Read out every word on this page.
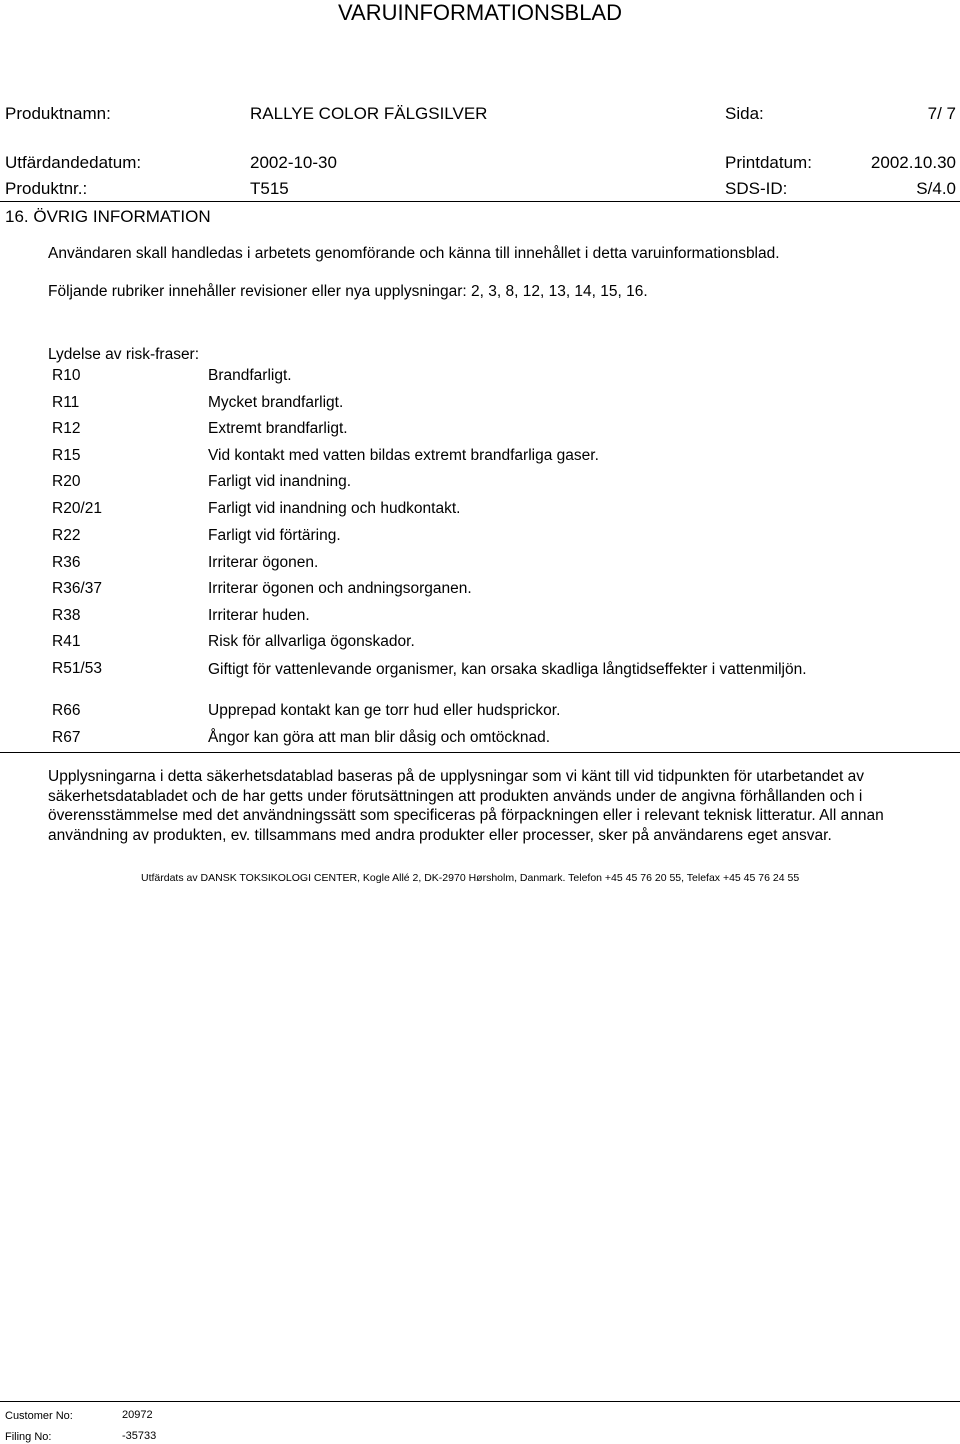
VARUINFORMATIONSBLAD
Produktnamn:	RALLYE COLOR FÄLGSILVER	Sida:	7/ 7
Utfärdandedatum:	2002-10-30	Printdatum:	2002.10.30
Produktnr.:	T515	SDS-ID:	S/4.0
16. ÖVRIG INFORMATION
Användaren skall handledas i arbetets genomförande och känna till innehållet i detta varuinformationsblad.
Följande rubriker innehåller revisioner eller nya upplysningar: 2, 3, 8, 12, 13, 14, 15, 16.
Lydelse av risk-fraser:
R10	Brandfarligt.
R11	Mycket brandfarligt.
R12	Extremt brandfarligt.
R15	Vid kontakt med vatten bildas extremt brandfarliga gaser.
R20	Farligt vid inandning.
R20/21	Farligt vid inandning och hudkontakt.
R22	Farligt vid förtäring.
R36	Irriterar ögonen.
R36/37	Irriterar ögonen och andningsorganen.
R38	Irriterar huden.
R41	Risk för allvarliga ögonskador.
R51/53	Giftigt för vattenlevande organismer, kan orsaka skadliga långtidseffekter i vattenmiljön.
R66	Upprepad kontakt kan ge torr hud eller hudsprickor.
R67	Ångor kan göra att man blir dåsig och omtöcknad.
Upplysningarna i detta säkerhetsdatablad baseras på de upplysningar som vi känt till vid tidpunkten för utarbetandet av säkerhetsdatabladet och de har getts under förutsättningen att produkten används under de angivna förhållanden och i överensstämmelse med det användningssätt som specificeras på förpackningen eller i relevant teknisk litteratur. All annan användning av produkten, ev. tillsammans med andra produkter eller processer, sker på användarens eget ansvar.
Utfärdats av DANSK TOKSIKOLOGI CENTER, Kogle Allé 2, DK-2970 Hørsholm, Danmark. Telefon +45 45 76 20 55, Telefax +45 45 76 24 55
Customer No:	20972
Filing No:	-35733
